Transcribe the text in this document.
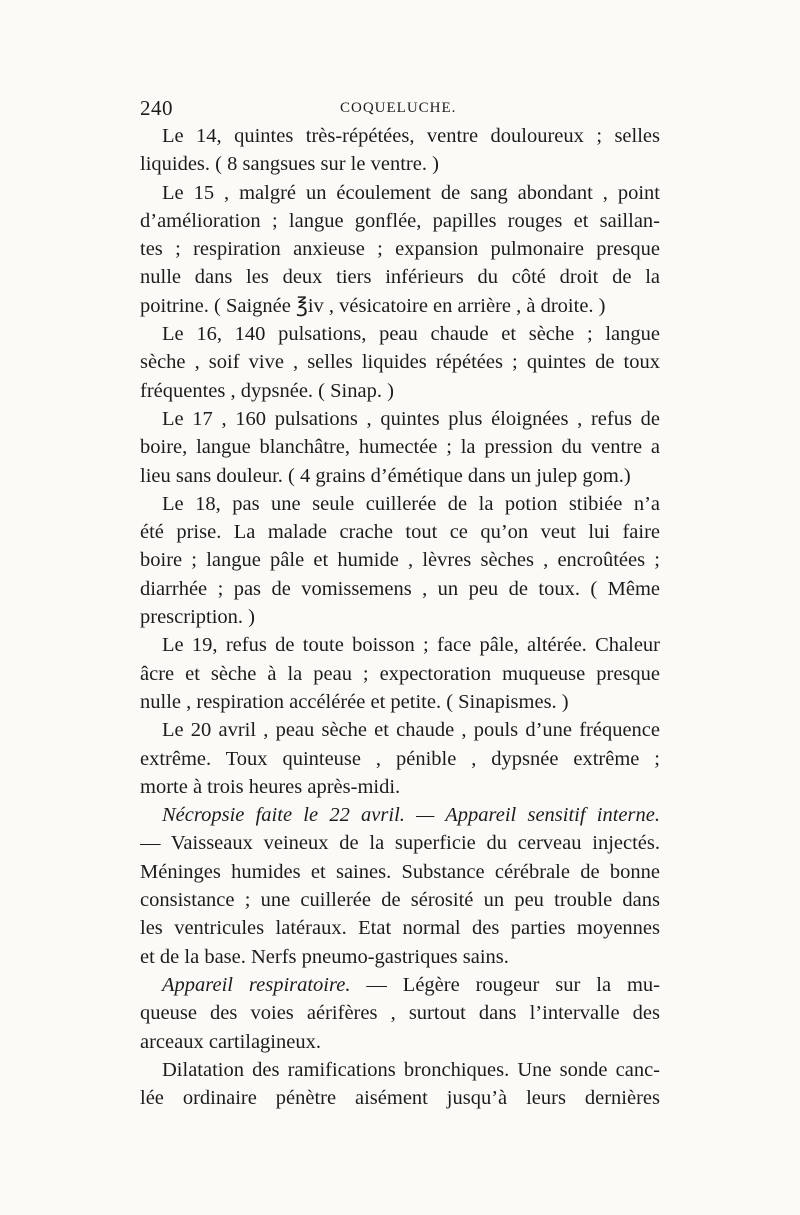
240	COQUELUCHE.
Le 14, quintes très-répétées, ventre douloureux ; selles
liquides. ( 8 sangsues sur le ventre. )
Le 15 , malgré un écoulement de sang abondant , point
d’amélioration ; langue gonflée, papilles rouges et saillan-
tes ; respiration anxieuse ; expansion pulmonaire presque
nulle dans les deux tiers inférieurs du côté droit de la
poitrine. ( Saignée ℥iv , vésicatoire en arrière , à droite. )
Le 16, 140 pulsations, peau chaude et sèche ; langue
sèche , soif vive , selles liquides répétées ; quintes de toux
fréquentes , dypsnée. ( Sinap. )
Le 17 , 160 pulsations , quintes plus éloignées , refus de
boire, langue blanchâtre, humectée ; la pression du ventre a
lieu sans douleur. ( 4 grains d’émétique dans un julep gom.)
Le 18, pas une seule cuillerée de la potion stibiée n’a
été prise. La malade crache tout ce qu’on veut lui faire
boire ; langue pâle et humide , lèvres sèches , encroûtées ;
diarrhée ; pas de vomissemens , un peu de toux. ( Même
prescription. )
Le 19, refus de toute boisson ; face pâle, altérée. Chaleur
âcre et sèche à la peau ; expectoration muqueuse presque
nulle , respiration accélérée et petite. ( Sinapismes. )
Le 20 avril , peau sèche et chaude , pouls d’une fréquence
extrême. Toux quinteuse , pénible , dypsnée extrême ;
morte à trois heures après-midi.
Nécropsie faite le 22 avril. — Appareil sensitif interne.
— Vaisseaux veineux de la superficie du cerveau injectés.
Méninges humides et saines. Substance cérébrale de bonne
consistance ; une cuillerée de sérosité un peu trouble dans
les ventricules latéraux. Etat normal des parties moyennes
et de la base. Nerfs pneumo-gastriques sains.
Appareil respiratoire. — Légère rougeur sur la mu-
queuse des voies aérifères , surtout dans l’intervalle des
arceaux cartilagineux.
Dilatation des ramifications bronchiques. Une sonde canc-
lée ordinaire pénètre aisément jusqu’à leurs dernières
